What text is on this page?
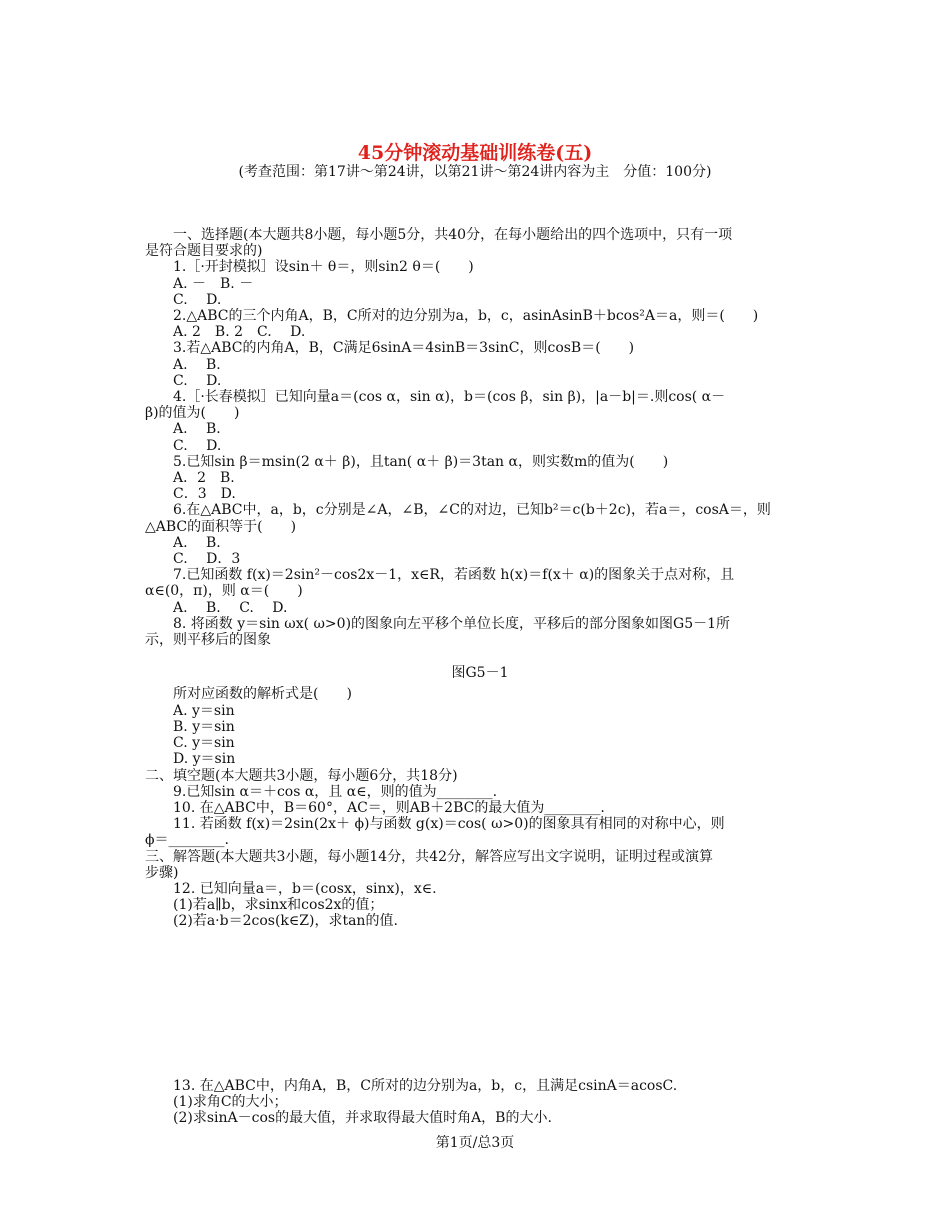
45分钟滚动基础训练卷(五)
(考查范围：第17讲～第24讲，以第21讲～第24讲内容为主　分值：100分)
一、选择题(本大题共8小题，每小题5分，共40分，在每小题给出的四个选项中，只有一项
是符合题目要求的)
1.［·开封模拟］设sin＋ θ＝，则sin2 θ＝(　　)
A. －　B. －
C. 　D.
2.△ABC的三个内角A，B，C所对的边分别为a，b，c，asinAsinB＋bcos²A＝a，则＝(　　)
A. 2　B. 2　C. 　D.
3.若△ABC的内角A，B，C满足6sinA＝4sinB＝3sinC，则cosB＝(　　)
A. 　B.
C. 　D.
4.［·长春模拟］已知向量a＝(cos α，sin α)，b＝(cos β，sin β)，|a－b|＝.则cos( α－
β)的值为(　　)
A. 　B.
C. 　D.
5.已知sin β＝msin(2 α＋ β)，且tan( α＋ β)＝3tan α，则实数m的值为(　　)
A．2　B.
C．3　D.
6.在△ABC中，a，b，c分别是∠A，∠B，∠C的对边，已知b²＝c(b＋2c)，若a＝，cosA＝，则
△ABC的面积等于(　　)
A. 　B.
C. 　D．3
7.已知函数 f(x)＝2sin²－cos2x－1，x∈R，若函数 h(x)＝f(x＋ α)的图象关于点对称，且
α∈(0，π)，则 α＝(　　)
A. 　B. 　C. 　D.
8. 将函数 y＝sin ωx( ω>0)的图象向左平移个单位长度，平移后的部分图象如图G5－1所
示，则平移后的图象
图G5－1
所对应函数的解析式是(　　)
A. y＝sin
B. y＝sin
C. y＝sin
D. y＝sin
二、填空题(本大题共3小题，每小题6分，共18分)
9.已知sin α＝＋cos α，且 α∈，则的值为________.
10. 在△ABC中，B＝60°，AC＝，则AB＋2BC的最大值为________.
11. 若函数 f(x)＝2sin(2x＋ ϕ)与函数 g(x)＝cos( ω>0)的图象具有相同的对称中心，则
ϕ＝________.
三、解答题(本大题共3小题，每小题14分，共42分，解答应写出文字说明，证明过程或演算
步骤)
12. 已知向量a＝，b＝(cosx，sinx)，x∈.
(1)若a∥b，求sinx和cos2x的值；
(2)若a·b＝2cos(k∈Z)，求tan的值.
13. 在△ABC中，内角A，B，C所对的边分别为a，b，c，且满足csinA＝acosC.
(1)求角C的大小；
(2)求sinA－cos的最大值，并求取得最大值时角A，B的大小.
第1页/总3页
